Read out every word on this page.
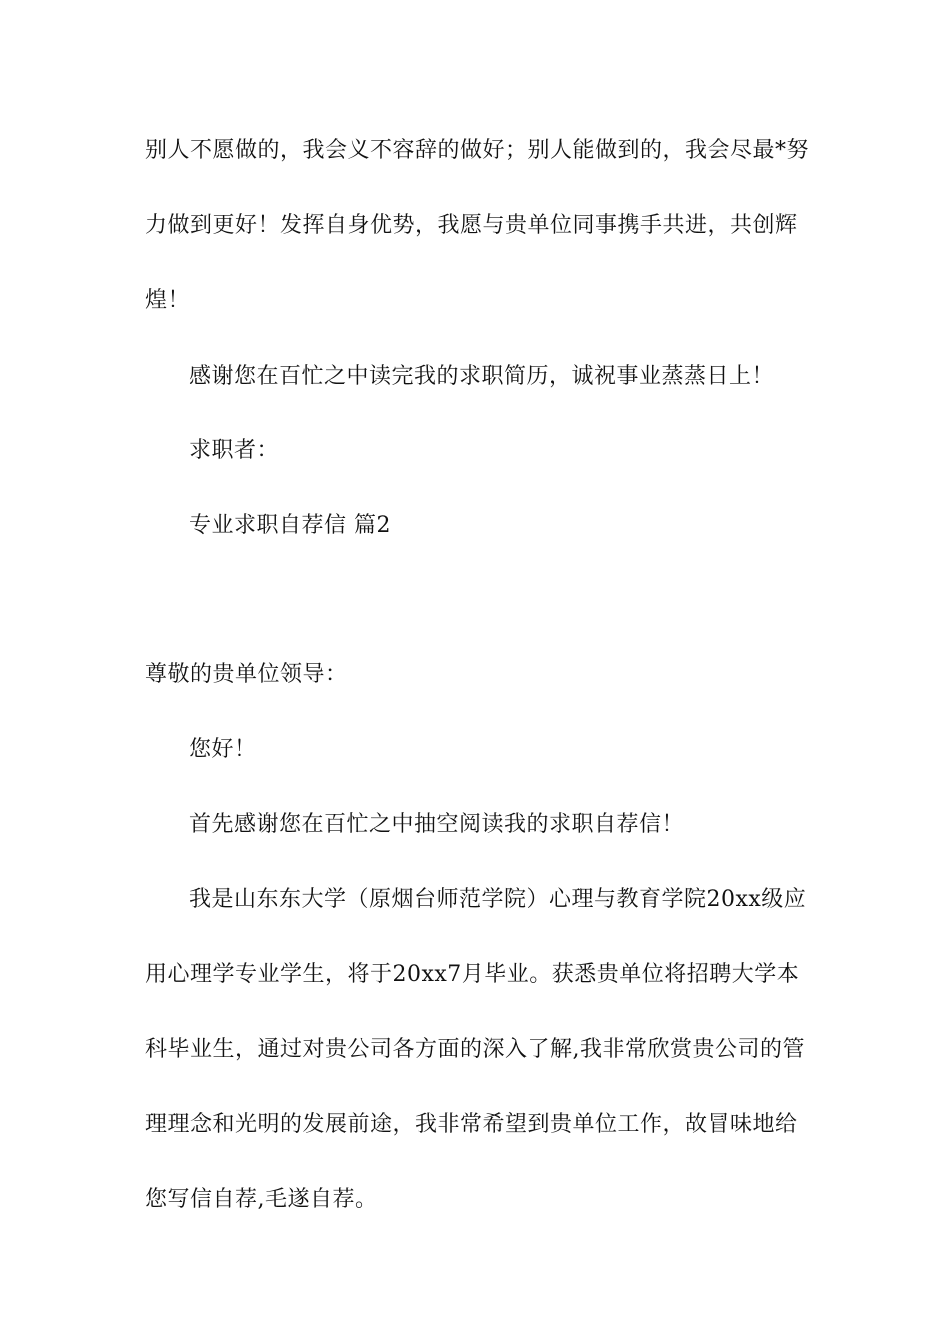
别人不愿做的，我会义不容辞的做好；别人能做到的，我会尽最*努
力做到更好！发挥自身优势，我愿与贵单位同事携手共进，共创辉
煌！
感谢您在百忙之中读完我的求职简历，诚祝事业蒸蒸日上！
求职者：
专业求职自荐信 篇2
尊敬的贵单位领导：
您好！
首先感谢您在百忙之中抽空阅读我的求职自荐信！
我是山东东大学（原烟台师范学院）心理与教育学院20xx级应
用心理学专业学生，将于20xx7月毕业。获悉贵单位将招聘大学本
科毕业生，通过对贵公司各方面的深入了解,我非常欣赏贵公司的管
理理念和光明的发展前途，我非常希望到贵单位工作，故冒味地给
您写信自荐,毛遂自荐。
